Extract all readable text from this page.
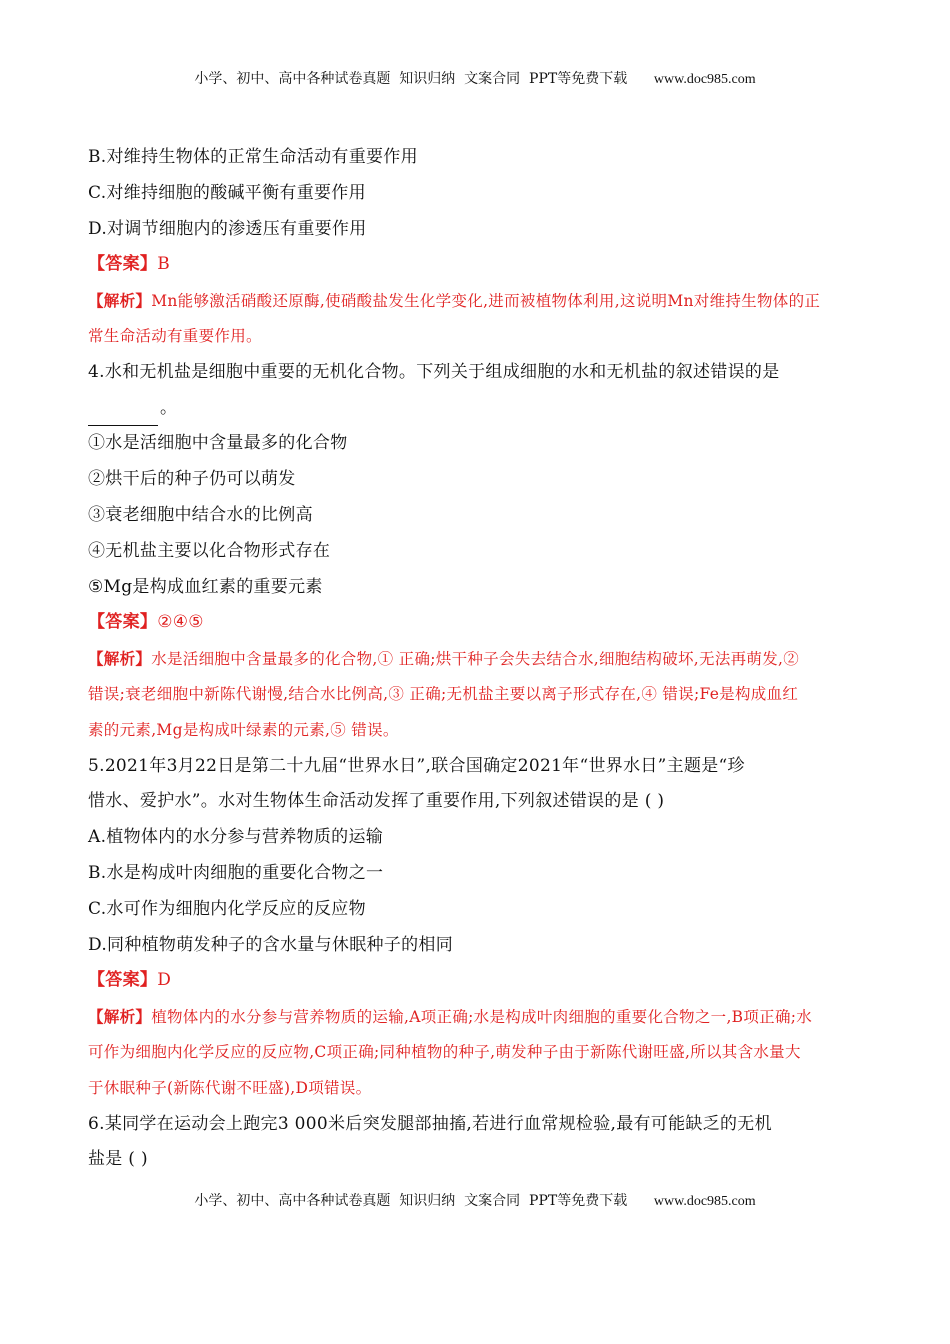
小学、初中、高中各种试卷真题  知识归纳  文案合同  PPT等免费下载 www.doc985.com
B.对维持生物体的正常生命活动有重要作用
C.对维持细胞的酸碱平衡有重要作用
D.对调节细胞内的渗透压有重要作用
【答案】B
【解析】Mn能够激活硝酸还原酶,使硝酸盐发生化学变化,进而被植物体利用,这说明Mn对维持生物体的正
常生命活动有重要作用。
4.水和无机盐是细胞中重要的无机化合物。下列关于组成细胞的水和无机盐的叙述错误的是
。
①水是活细胞中含量最多的化合物
②烘干后的种子仍可以萌发
③衰老细胞中结合水的比例高
④无机盐主要以化合物形式存在
⑤Mg是构成血红素的重要元素
【答案】②④⑤
【解析】水是活细胞中含量最多的化合物,① 正确;烘干种子会失去结合水,细胞结构破坏,无法再萌发,②
错误;衰老细胞中新陈代谢慢,结合水比例高,③ 正确;无机盐主要以离子形式存在,④ 错误;Fe是构成血红
素的元素,Mg是构成叶绿素的元素,⑤ 错误。
5.2021年3月22日是第二十九届“世界水日”,联合国确定2021年“世界水日”主题是“珍
惜水、爱护水”。水对生物体生命活动发挥了重要作用,下列叙述错误的是 ( )
A.植物体内的水分参与营养物质的运输
B.水是构成叶肉细胞的重要化合物之一
C.水可作为细胞内化学反应的反应物
D.同种植物萌发种子的含水量与休眠种子的相同
【答案】D
【解析】植物体内的水分参与营养物质的运输,A项正确;水是构成叶肉细胞的重要化合物之一,B项正确;水
可作为细胞内化学反应的反应物,C项正确;同种植物的种子,萌发种子由于新陈代谢旺盛,所以其含水量大
于休眠种子(新陈代谢不旺盛),D项错误。
6.某同学在运动会上跑完3 000米后突发腿部抽搐,若进行血常规检验,最有可能缺乏的无机
盐是 ( )
小学、初中、高中各种试卷真题  知识归纳  文案合同  PPT等免费下载 www.doc985.com
